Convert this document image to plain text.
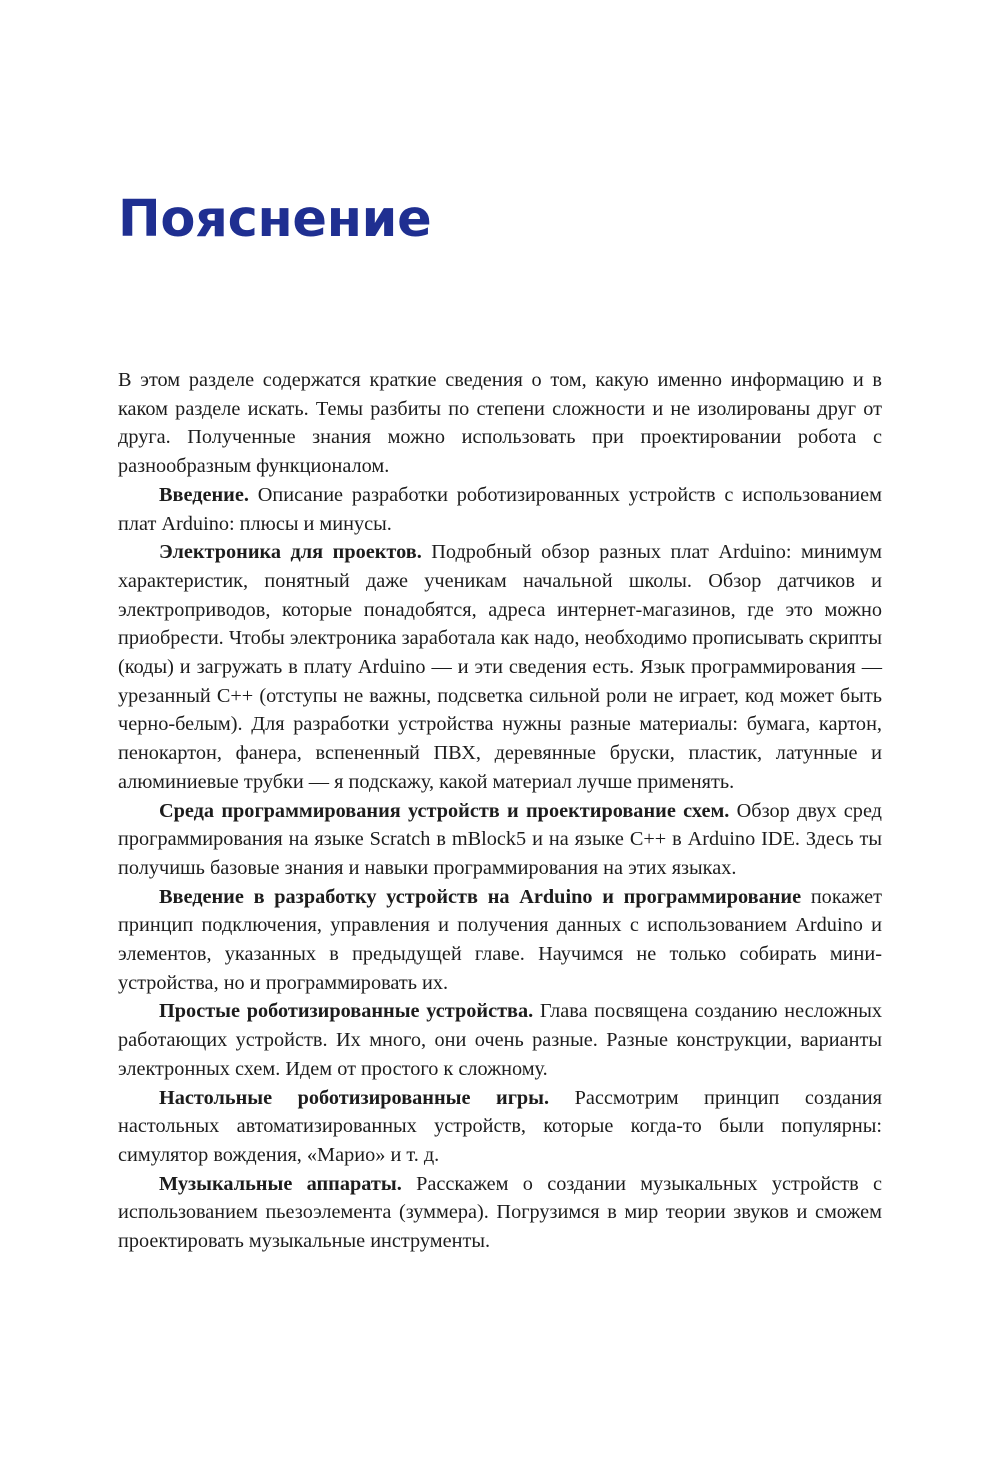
Пояснение

В этом разделе содержатся краткие сведения о том, какую именно информацию и в каком разделе искать. Темы разбиты по степени сложности и не изолированы друг от друга. Полученные знания можно использовать при проектировании робота с разнообразным функционалом.

Введение. Описание разработки роботизированных устройств с использованием плат Arduino: плюсы и минусы.

Электроника для проектов. Подробный обзор разных плат Arduino: минимум характеристик, понятный даже ученикам начальной школы. Обзор датчиков и электроприводов, которые понадобятся, адреса интернет-магазинов, где это можно приобрести. Чтобы электроника заработала как надо, необходимо прописывать скрипты (коды) и загружать в плату Arduino — и эти сведения есть. Язык программирования — урезанный C++ (отступы не важны, подсветка сильной роли не играет, код может быть черно-белым). Для разработки устройства нужны разные материалы: бумага, картон, пенокартон, фанера, вспененный ПВХ, деревянные бруски, пластик, латунные и алюминиевые трубки — я подскажу, какой материал лучше применять.

Среда программирования устройств и проектирование схем. Обзор двух сред программирования на языке Scratch в mBlock5 и на языке C++ в Arduino IDE. Здесь ты получишь базовые знания и навыки программирования на этих языках.

Введение в разработку устройств на Arduino и программирование покажет принцип подключения, управления и получения данных с использованием Arduino и элементов, указанных в предыдущей главе. Научимся не только собирать мини-устройства, но и программировать их.

Простые роботизированные устройства. Глава посвящена созданию несложных работающих устройств. Их много, они очень разные. Разные конструкции, варианты электронных схем. Идем от простого к сложному.

Настольные роботизированные игры. Рассмотрим принцип создания настольных автоматизированных устройств, которые когда-то были популярны: симулятор вождения, «Марио» и т. д.

Музыкальные аппараты. Расскажем о создании музыкальных устройств с использованием пьезоэлемента (зуммера). Погрузимся в мир теории звуков и сможем проектировать музыкальные инструменты.
